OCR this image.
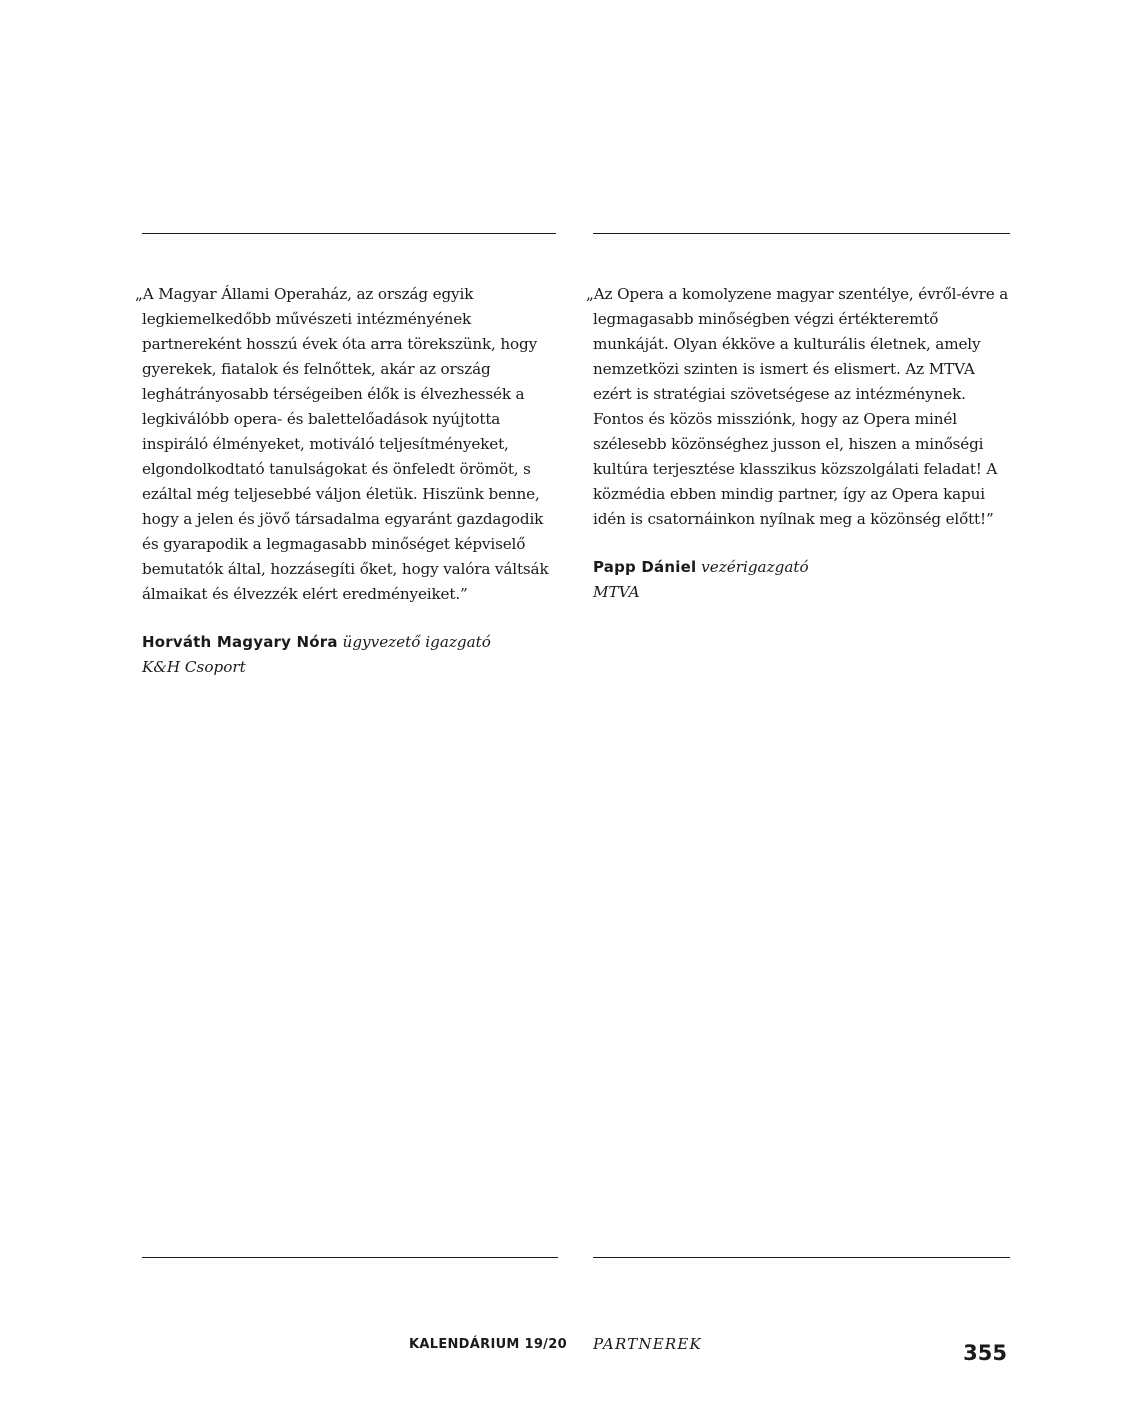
„A Magyar Állami Operaház, az ország egyik legkiemelkedőbb művészeti intézményének partnereként hosszú évek óta arra törekszünk, hogy gyerekek, fiatalok és felnőttek, akár az ország leghátrányosabb térségeiben élők is élvezhessék a legkiválóbb opera- és balettelőadások nyújtotta inspiráló élményeket, motiváló teljesítményeket, elgondolkodtató tanulságokat és önfeledt örömöt, s ezáltal még teljesebbé váljon életük. Hiszünk benne, hogy a jelen és jövő társadalma egyaránt gazdagodik és gyarapodik a legmagasabb minőséget képviselő bemutatók által, hozzásegíti őket, hogy valóra váltsák álmaikat és élvezzék elért eredményeiket.”

Horváth Magyary Nóra ügyvezető igazgató
K&H Csoport

„Az Opera a komolyzene magyar szentélye, évről-évre a legmagasabb minőségben végzi értékteremtő munkáját. Olyan ékköve a kulturális életnek, amely nemzetközi szinten is ismert és elismert. Az MTVA ezért is stratégiai szövetségese az intézménynek. Fontos és közös missziónk, hogy az Opera minél szélesebb közönséghez jusson el, hiszen a minőségi kultúra terjesztése klasszikus közszolgálati feladat! A közmédia ebben mindig partner, így az Opera kapui idén is csatornáinkon nyílnak meg a közönség előtt!”

Papp Dániel vezérigazgató
MTVA
KALENDÁRIUM 19/20 PARTNEREK	355
